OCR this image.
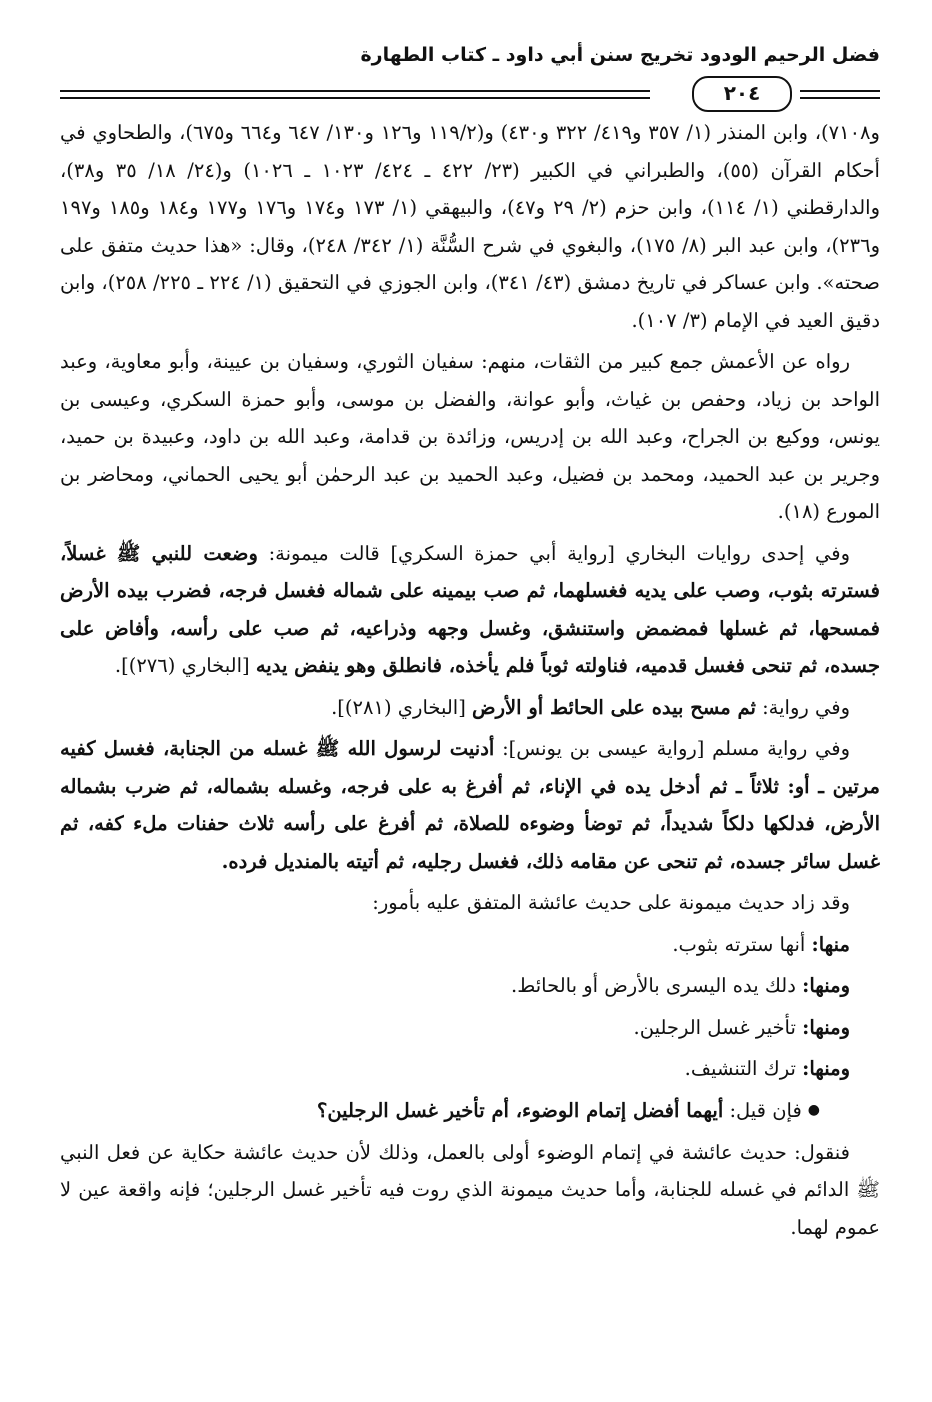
فضل الرحيم الودود تخريج سنن أبي داود ـ كتاب الطهارة
٢٠٤

و٧١٠٨)، وابن المنذر (١/ ٣٥٧ و٤١٩/ ٣٢٢ و٤٣٠) و(١١٩/٢ و١٢٦ و١٣٠/ ٦٤٧ و٦٦٤ و٦٧٥)، والطحاوي في أحكام القرآن (٥٥)، والطبراني في الكبير (٢٣/ ٤٢٢ ـ ٤٢٤/ ١٠٢٣ ـ ١٠٢٦) و(٢٤/ ١٨/ ٣٥ و٣٨)، والدارقطني (١/ ١١٤)، وابن حزم (٢/ ٢٩ و٤٧)، والبيهقي (١/ ١٧٣ و١٧٤ و١٧٦ و١٧٧ و١٨٤ و١٨٥ و١٩٧ و٢٣٦)، وابن عبد البر (٨/ ١٧٥)، والبغوي في شرح السُّنَّة (١/ ٣٤٢/ ٢٤٨)، وقال: «هذا حديث متفق على صحته». وابن عساكر في تاريخ دمشق (٤٣/ ٣٤١)، وابن الجوزي في التحقيق (١/ ٢٢٤ ـ ٢٢٥/ ٢٥٨)، وابن دقيق العيد في الإمام (٣/ ١٠٧).

رواه عن الأعمش جمع كبير من الثقات، منهم: سفيان الثوري، وسفيان بن عيينة، وأبو معاوية، وعبد الواحد بن زياد، وحفص بن غياث، وأبو عوانة، والفضل بن موسى، وأبو حمزة السكري، وعيسى بن يونس، ووكيع بن الجراح، وعبد الله بن إدريس، وزائدة بن قدامة، وعبد الله بن داود، وعبيدة بن حميد، وجرير بن عبد الحميد، ومحمد بن فضيل، وعبد الحميد بن عبد الرحمٰن أبو يحيى الحماني، ومحاضر بن المورع (١٨).

وفي إحدى روايات البخاري [رواية أبي حمزة السكري] قالت ميمونة: وضعت للنبي ﷺ غسلاً، فسترته بثوب، وصب على يديه فغسلهما، ثم صب بيمينه على شماله فغسل فرجه، فضرب بيده الأرض فمسحها، ثم غسلها فمضمض واستنشق، وغسل وجهه وذراعيه، ثم صب على رأسه، وأفاض على جسده، ثم تنحى فغسل قدميه، فناولته ثوباً فلم يأخذه، فانطلق وهو ينفض يديه [البخاري (٢٧٦)].

وفي رواية: ثم مسح بيده على الحائط أو الأرض [البخاري (٢٨١)].

وفي رواية مسلم [رواية عيسى بن يونس]: أدنيت لرسول الله ﷺ غسله من الجنابة، فغسل كفيه مرتين ـ أو: ثلاثاً ـ ثم أدخل يده في الإناء، ثم أفرغ به على فرجه، وغسله بشماله، ثم ضرب بشماله الأرض، فدلكها دلكاً شديداً، ثم توضأ وضوءه للصلاة، ثم أفرغ على رأسه ثلاث حفنات ملء كفه، ثم غسل سائر جسده، ثم تنحى عن مقامه ذلك، فغسل رجليه، ثم أتيته بالمنديل فرده.

وقد زاد حديث ميمونة على حديث عائشة المتفق عليه بأمور:

منها: أنها سترته بثوب.

ومنها: دلك يده اليسرى بالأرض أو بالحائط.

ومنها: تأخير غسل الرجلين.

ومنها: ترك التنشيف.

●فإن قيل: أيهما أفضل إتمام الوضوء، أم تأخير غسل الرجلين؟

فنقول: حديث عائشة في إتمام الوضوء أولى بالعمل، وذلك لأن حديث عائشة حكاية عن فعل النبي ﷺ الدائم في غسله للجنابة، وأما حديث ميمونة الذي روت فيه تأخير غسل الرجلين؛ فإنه واقعة عين لا عموم لهما.
